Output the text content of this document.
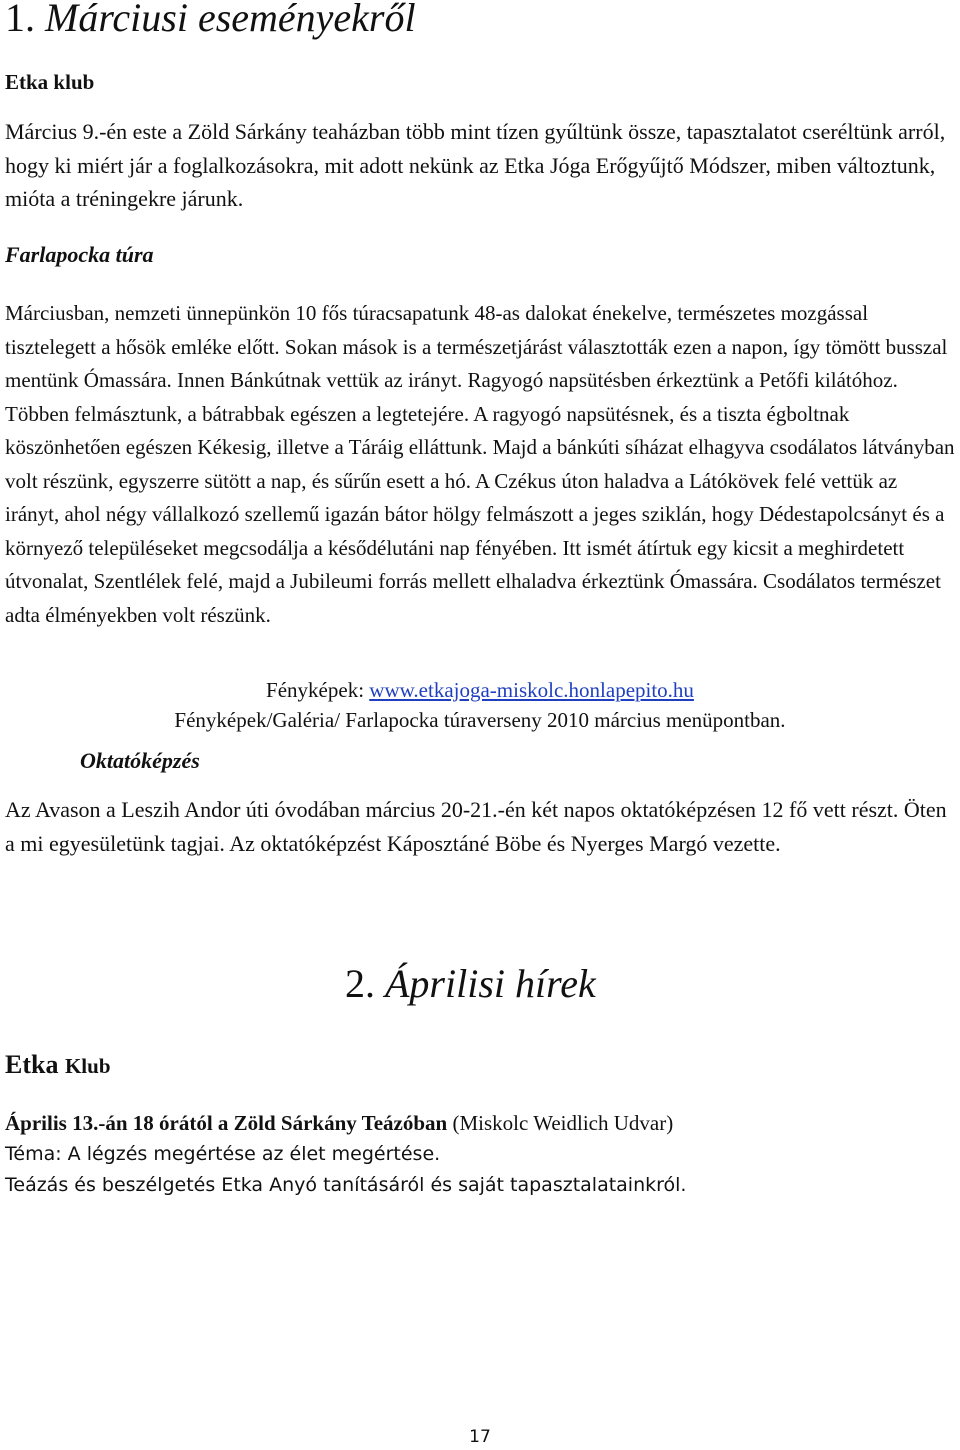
1. Márciusi eseményekről
Etka klub
Március 9.-én este a Zöld Sárkány teaházban több mint tízen gyűltünk össze, tapasztalatot cseréltünk arról, hogy ki miért jár a foglalkozásokra, mit adott nekünk az Etka Jóga Erőgyűjtő Módszer, miben változtunk, mióta a tréningekre járunk.
Farlapocka túra
Márciusban, nemzeti ünnepünkön 10 fős túracsapatunk 48-as dalokat énekelve, természetes mozgással tisztelegett a hősök emléke előtt. Sokan mások is a természetjárást választották ezen a napon, így tömött busszal mentünk Ómassára. Innen Bánkútnak vettük az irányt. Ragyogó napsütésben érkeztünk a Petőfi kilátóhoz. Többen felmásztunk, a bátrabbak egészen a legtetejére. A ragyogó napsütésnek, és a tiszta égboltnak köszönhetően egészen Kékesig, illetve a Táráig elláttunk. Majd a bánkúti síházat elhagyva csodálatos látványban volt részünk, egyszerre sütött a nap, és sűrűn esett a hó. A Czékus úton haladva a Látókövek felé vettük az irányt, ahol négy vállalkozó szellemű igazán bátor hölgy felmászott a jeges sziklán, hogy Dédestapolcsányt és a környező településeket megcsodálja a késődélutáni nap fényében. Itt ismét átírtuk egy kicsit a meghirdetett útvonalat, Szentlélek felé, majd a Jubileumi forrás mellett elhaladva érkeztünk Ómassára. Csodálatos természet adta élményekben volt részünk.
Fényképek: www.etkajoga-miskolc.honlapepito.hu
Fényképek/Galéria/ Farlapocka túraverseny 2010 március menüpontban.
Oktatóképzés
Az Avason a Leszih Andor úti óvodában március 20-21.-én két napos oktatóképzésen 12 fő vett részt. Öten a mi egyesületünk tagjai. Az oktatóképzést Káposztáné Böbe és Nyerges Margó vezette.
2. Áprilisi hírek
Etka Klub
Április 13.-án 18 órától a Zöld Sárkány Teázóban (Miskolc Weidlich Udvar)
Téma: A légzés megértése az élet megértése.
Teázás és beszélgetés Etka Anyó tanításáról és saját tapasztalatainkról.
17
